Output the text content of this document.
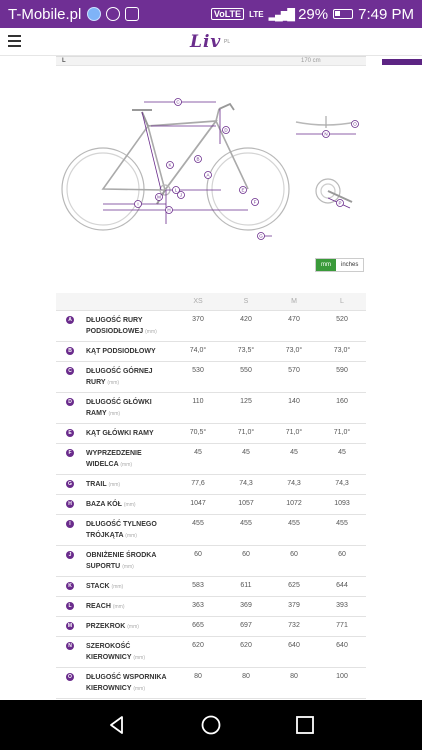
T-Mobile.pl	VoLTE	LTE ▂▄▆█ 29% 7:49 PM
Liv PL
L	170 cm
A
B
C
D
E
F
G
H
I
J
K
L
M
N
O
P
mm	inches
		XS	S	M	L
A	DŁUGOŚĆ RURY PODSIODŁOWEJ (mm)	370	420	470	520
B	KĄT PODSIODŁOWY	74,0°	73,5°	73,0°	73,0°
C	DŁUGOŚĆ GÓRNEJ RURY (mm)	530	550	570	590
D	DŁUGOŚĆ GŁÓWKI RAMY (mm)	110	125	140	160
E	KĄT GŁÓWKI RAMY	70,5°	71,0°	71,0°	71,0°
F	WYPRZEDZENIE WIDELCA (mm)	45	45	45	45
G	TRAIL (mm)	77,6	74,3	74,3	74,3
H	BAZA KÓŁ (mm)	1047	1057	1072	1093
I	DŁUGOŚĆ TYLNEGO TRÓJKĄTA (mm)	455	455	455	455
J	OBNIŻENIE ŚRODKA SUPORTU (mm)	60	60	60	60
K	STACK (mm)	583	611	625	644
L	REACH (mm)	363	369	379	393
M	PRZEKROK (mm)	665	697	732	771
N	SZEROKOŚĆ KIEROWNICY (mm)	620	620	640	640
O	DŁUGOŚĆ WSPORNIKA KIEROWNICY (mm)	80	80	80	100
